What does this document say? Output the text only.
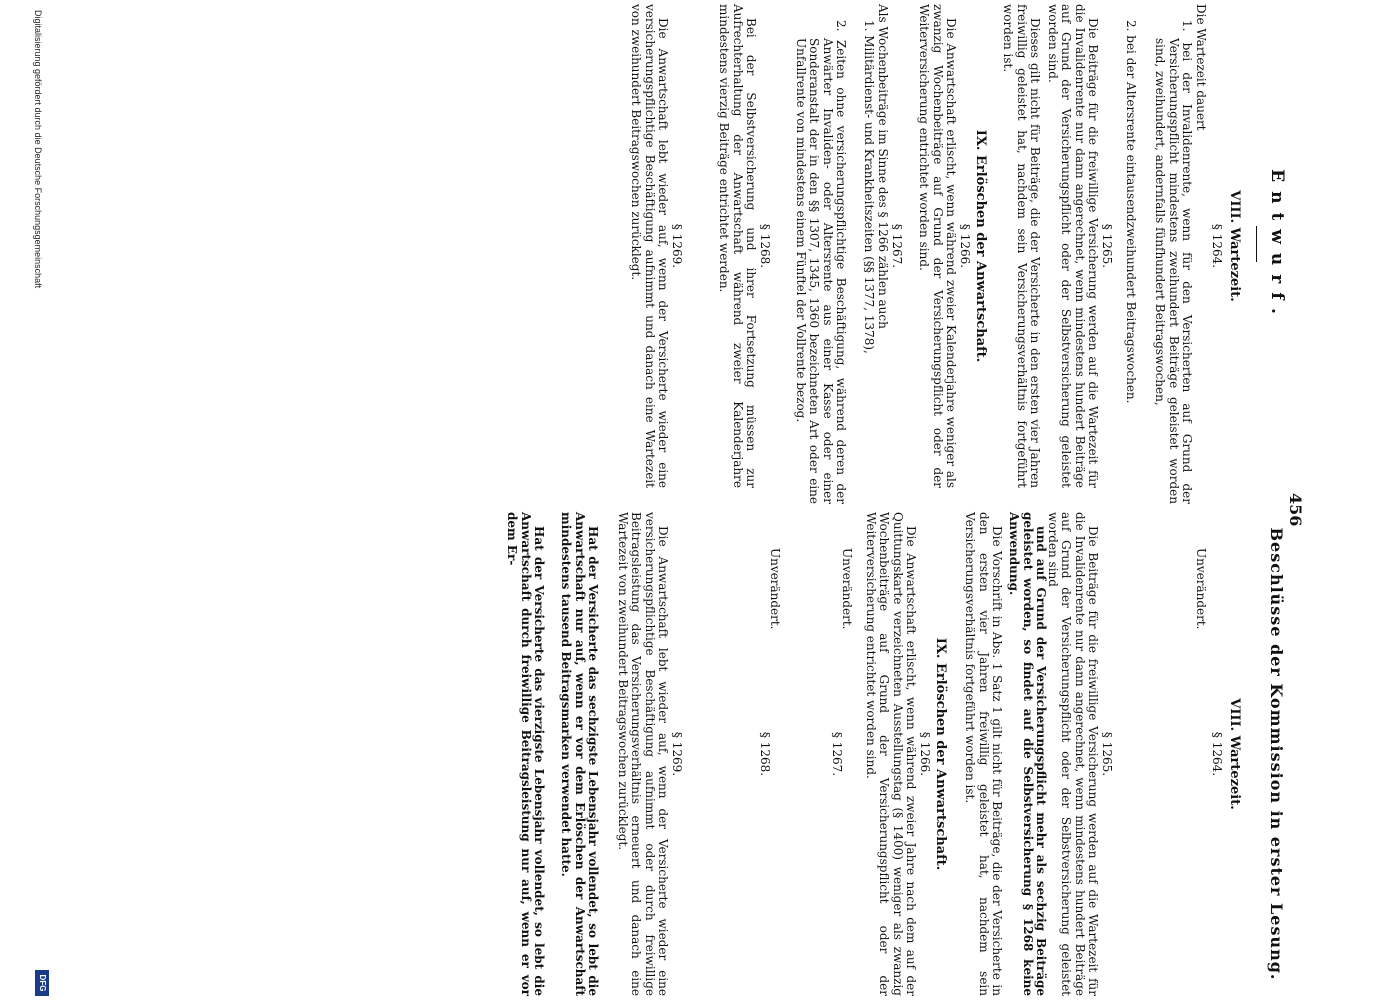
456
Entwurf.
VIII. Wartezeit.
§ 1264.
Die Wartezeit dauert
1. bei der Invalidenrente, wenn für den Versicherten auf Grund der Versicherungspflicht mindestens zweihundert Beiträge geleistet worden sind, zweihundert, andernfalls fünfhundert Beitragswochen,
2. bei der Altersrente eintausendzweihundert Beitragswochen.
§ 1265.
Die Beiträge für die freiwillige Versicherung werden auf die Wartezeit für die Invalidenrente nur dann angerechnet, wenn mindestens hundert Beiträge auf Grund der Versicherungspflicht oder der Selbstversicherung geleistet worden sind.
Dieses gilt nicht für Beiträge, die der Versicherte in den ersten vier Jahren freiwillig geleistet hat, nachdem sein Versicherungsverhältnis fortgeführt worden ist.
IX. Erlöschen der Anwartschaft.
§ 1266.
Die Anwartschaft erlischt, wenn während zweier Kalenderjahre weniger als zwanzig Wochenbeiträge auf Grund der Versicherungspflicht oder der Weiterversicherung entrichtet worden sind.
§ 1267.
Als Wochenbeiträge im Sinne des § 1266 zählen auch
1. Militärdienst- und Krankheitszeiten (§§ 1377, 1378),
2. Zeiten ohne versicherungspflichtige Beschäftigung, während deren der Anwärter Invaliden- oder Altersrente aus einer Kasse oder einer Sonderanstalt der in den §§ 1307, 1345, 1360 bezeichneten Art oder eine Unfallrente von mindestens einem Fünftel der Vollrente bezog.
§ 1268.
Bei der Selbstversicherung und ihrer Fortsetzung müssen zur Aufrechterhaltung der Anwartschaft während zweier Kalenderjahre mindestens vierzig Beiträge entrichtet werden.
§ 1269.
Die Anwartschaft lebt wieder auf, wenn der Versicherte wieder eine versicherungspflichtige Beschäftigung aufnimmt und danach eine Wartezeit von zweihundert Beitragswochen zurücklegt.
Beschlüsse der Kommission in erster Lesung.
VIII. Wartezeit.
§ 1264.
Unverändert.
§ 1265.
Die Beiträge für die freiwillige Versicherung werden auf die Wartezeit für die Invalidenrente nur dann angerechnet, wenn mindestens hundert Beiträge auf Grund der Versicherungspflicht oder der Selbstversicherung geleistet worden sind
und auf Grund der Versicherungspflicht mehr als sechzig Beiträge geleistet worden, so findet auf die Selbstversicherung § 1268 keine Anwendung.
Die Vorschrift in Abs. 1 Satz 1 gilt nicht für Beiträge, die der Versicherte in den ersten vier Jahren freiwillig geleistet hat, nachdem sein Versicherungsverhältnis fortgeführt worden ist.
IX. Erlöschen der Anwartschaft.
§ 1266.
Die Anwartschaft erlischt, wenn während zweier Jahre nach dem auf der Quittungskarte verzeichneten Ausstellungstag (§ 1400) weniger als zwanzig Wochenbeiträge auf Grund der Versicherungspflicht oder der Weiterversicherung entrichtet worden sind.
§ 1267.
Unverändert.
§ 1268.
Unverändert.
§ 1269.
Die Anwartschaft lebt wieder auf, wenn der Versicherte wieder eine versicherungspflichtige Beschäftigung aufnimmt oder durch freiwillige Beitragsleistung das Versicherungsverhältnis erneuert und danach eine Wartezeit von zweihundert Beitragswochen zurücklegt.
Hat der Versicherte das sechzigste Lebensjahr vollendet, so lebt die Anwartschaft nur auf, wenn er vor dem Erlöschen der Anwartschaft mindestens tausend Beitragsmarken verwendet hatte.
Hat der Versicherte das vierzigste Lebensjahr vollendet, so lebt die Anwartschaft durch freiwillige Beitragsleistung nur auf, wenn er vor dem Er-
Digitalisierung gefördert durch die Deutsche Forschungsgemeinschaft
DFG
